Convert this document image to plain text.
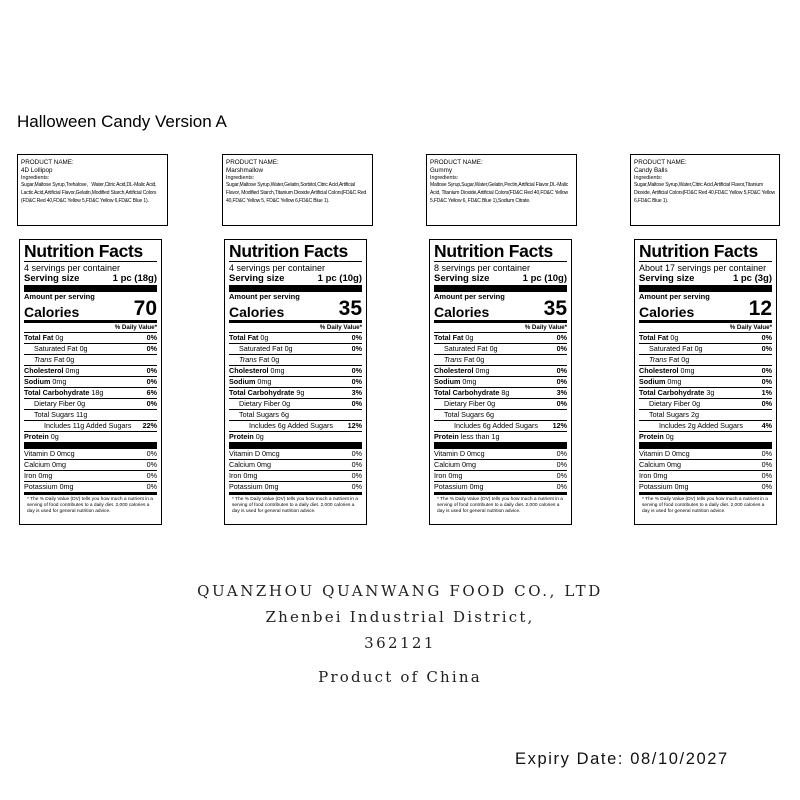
Halloween Candy Version A
PRODUCT NAME:
4D Lollipop
Ingredients:
Sugar,Maltose Syrup,Trehalose、Water,Citric Acid,DL-Malic Acid, Lactic Acid,Artificial Flavor,Gelatin,Modified Starch,Artificial Colors (FD&C Red 40,FD&C Yellow 5,FD&C Yellow 6,FD&C Blue 1).
Nutrition Facts
4 servings per container
Serving size	1 pc (18g)
Amount per serving
Calories	70
% Daily Value*
Total Fat 0g	0%
Saturated Fat 0g	0%
Trans Fat 0g
Cholesterol 0mg	0%
Sodium 0mg	0%
Total Carbohydrate 18g	6%
Dietary Fiber 0g	0%
Total Sugars 11g
Includes 11g Added Sugars 22%
Protein 0g
Vitamin D 0mcg	0%
Calcium 0mg	0%
Iron 0mg	0%
Potassium 0mg	0%
* The % Daily Value (DV) tells you how much a nutrient in a serving of food contributes to a daily diet. 2,000 calories a day is used for general nutrition advice.
PRODUCT NAME:
Marshmallow
Ingredients:
Sugar,Maltose Syrup,Water,Gelatin,Sorbitol,Citric Acid,Artificial Flavor, Modified Starch,Titanium Dioxide,Artificial Colors(FD&C Red 40,FD&C Yellow 5, FD&C Yellow 6,FD&C Blue 1).
Nutrition Facts
4 servings per container
Serving size	1 pc (10g)
Amount per serving
Calories	35
% Daily Value*
Total Fat 0g	0%
Saturated Fat 0g	0%
Trans Fat 0g
Cholesterol 0mg	0%
Sodium 0mg	0%
Total Carbohydrate 9g	3%
Dietary Fiber 0g	0%
Total Sugars 6g
Includes 6g Added Sugars 12%
Protein 0g
Vitamin D 0mcg	0%
Calcium 0mg	0%
Iron 0mg	0%
Potassium 0mg	0%
* The % Daily Value (DV) tells you how much a nutrient in a serving of food contributes to a daily diet. 2,000 calories a day is used for general nutrition advice.
PRODUCT NAME:
Gummy
Ingredients:
Maltose Syrup,Sugar,Water,Gelatin,Pectin,Artificial Flavor,DL-Malic Acid, Titanium Dioxide,Artificial Colors(FD&C Red 40,FD&C Yellow 5,FD&C Yellow 6, FD&C Blue 1),Sodium Citrate.
Nutrition Facts
8 servings per container
Serving size	1 pc (10g)
Amount per serving
Calories	35
% Daily Value*
Total Fat 0g	0%
Saturated Fat 0g	0%
Trans Fat 0g
Cholesterol 0mg	0%
Sodium 0mg	0%
Total Carbohydrate 8g	3%
Dietary Fiber 0g	0%
Total Sugars 6g
Includes 6g Added Sugars 12%
Protein less than 1g
Vitamin D 0mcg	0%
Calcium 0mg	0%
Iron 0mg	0%
Potassium 0mg	0%
* The % Daily Value (DV) tells you how much a nutrient in a serving of food contributes to a daily diet. 2,000 calories a day is used for general nutrition advice.
PRODUCT NAME:
Candy Balls
Ingredients:
Sugar,Maltose Syrup,Water,Citric Acid,Artificial Flavor,Titanium Dioxide, Artificial Colors(FD&C Red 40,FD&C Yellow 5,FD&C Yellow 6,FD&C Blue 1).
Nutrition Facts
About 17 servings per container
Serving size	1 pc (3g)
Amount per serving
Calories	12
% Daily Value*
Total Fat 0g	0%
Saturated Fat 0g	0%
Trans Fat 0g
Cholesterol 0mg	0%
Sodium 0mg	0%
Total Carbohydrate 3g	1%
Dietary Fiber 0g	0%
Total Sugars 2g
Includes 2g Added Sugars	4%
Protein 0g
Vitamin D 0mcg	0%
Calcium 0mg	0%
Iron 0mg	0%
Potassium 0mg	0%
* The % Daily Value (DV) tells you how much a nutrient in a serving of food contributes to a daily diet. 2,000 calories a day is used for general nutrition advice.
QUANZHOU QUANWANG FOOD CO., LTD
Zhenbei Industrial District,
362121
Product of China
Expiry Date: 08/10/2027
